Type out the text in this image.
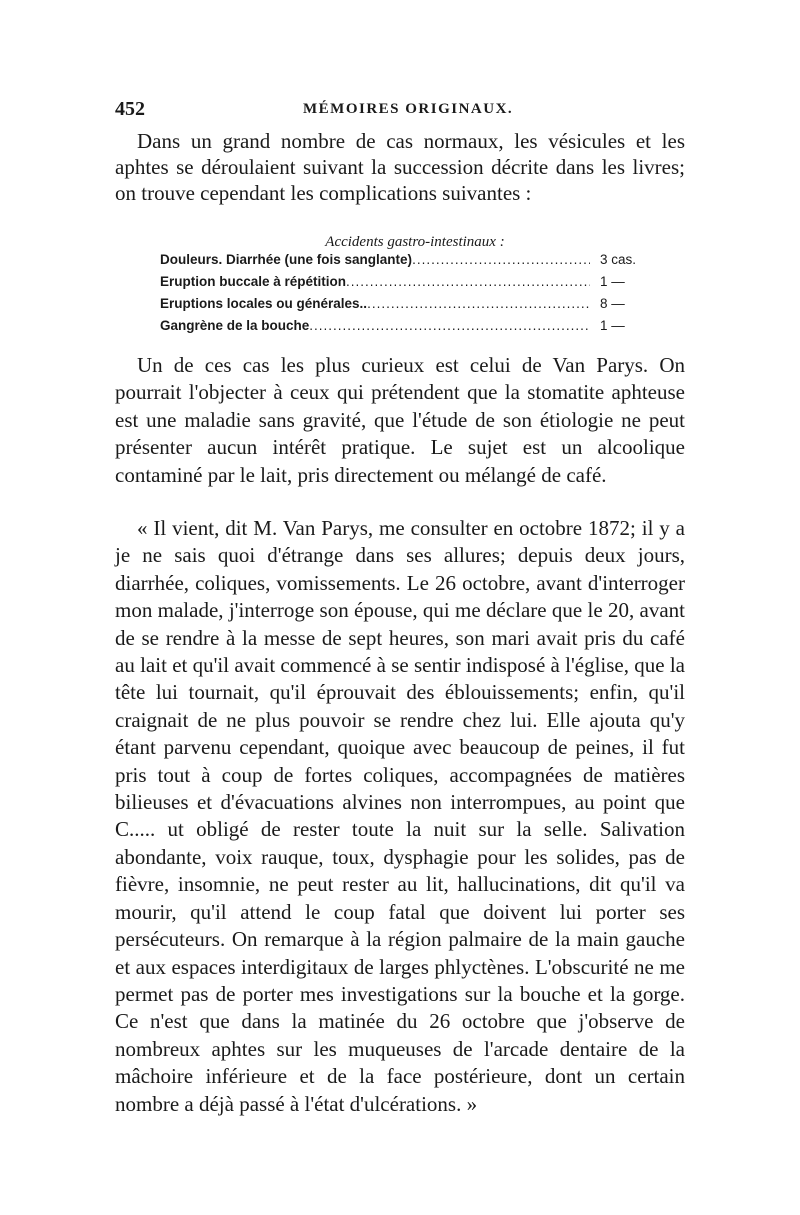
452	MÉMOIRES ORIGINAUX.

Dans un grand nombre de cas normaux, les vésicules et les aphtes se déroulaient suivant la succession décrite dans les livres; on trouve cependant les complications suivantes :

Accidents gastro-intestinaux :
Douleurs. Diarrhée (une fois sanglante) .....	3 cas.
Eruption buccale à répétition .....	1 —
Eruptions locales ou générales.. .....	8 —
Gangrène de la bouche .....	1 —

Un de ces cas les plus curieux est celui de Van Parys. On pourrait l'objecter à ceux qui prétendent que la stomatite aphteuse est une maladie sans gravité, que l'étude de son étiologie ne peut présenter aucun intérêt pratique. Le sujet est un alcoolique contaminé par le lait, pris directement ou mélangé de café.

« Il vient, dit M. Van Parys, me consulter en octobre 1872; il y a je ne sais quoi d'étrange dans ses allures; depuis deux jours, diarrhée, coliques, vomissements. Le 26 octobre, avant d'interroger mon malade, j'interroge son épouse, qui me déclare que le 20, avant de se rendre à la messe de sept heures, son mari avait pris du café au lait et qu'il avait commencé à se sentir indisposé à l'église, que la tête lui tournait, qu'il éprouvait des éblouissements; enfin, qu'il craignait de ne plus pouvoir se rendre chez lui. Elle ajouta qu'y étant parvenu cependant, quoique avec beaucoup de peines, il fut pris tout à coup de fortes coliques, accompagnées de matières bilieuses et d'évacuations alvines non interrompues, au point que C..... ut obligé de rester toute la nuit sur la selle. Salivation abondante, voix rauque, toux, dysphagie pour les solides, pas de fièvre, insomnie, ne peut rester au lit, hallucinations, dit qu'il va mourir, qu'il attend le coup fatal que doivent lui porter ses persécuteurs. On remarque à la région palmaire de la main gauche et aux espaces interdigitaux de larges phlyctènes. L'obscurité ne me permet pas de porter mes investigations sur la bouche et la gorge. Ce n'est que dans la matinée du 26 octobre que j'observe de nombreux aphtes sur les muqueuses de l'arcade dentaire de la mâchoire inférieure et de la face postérieure, dont un certain nombre a déjà passé à l'état d'ulcérations. »
